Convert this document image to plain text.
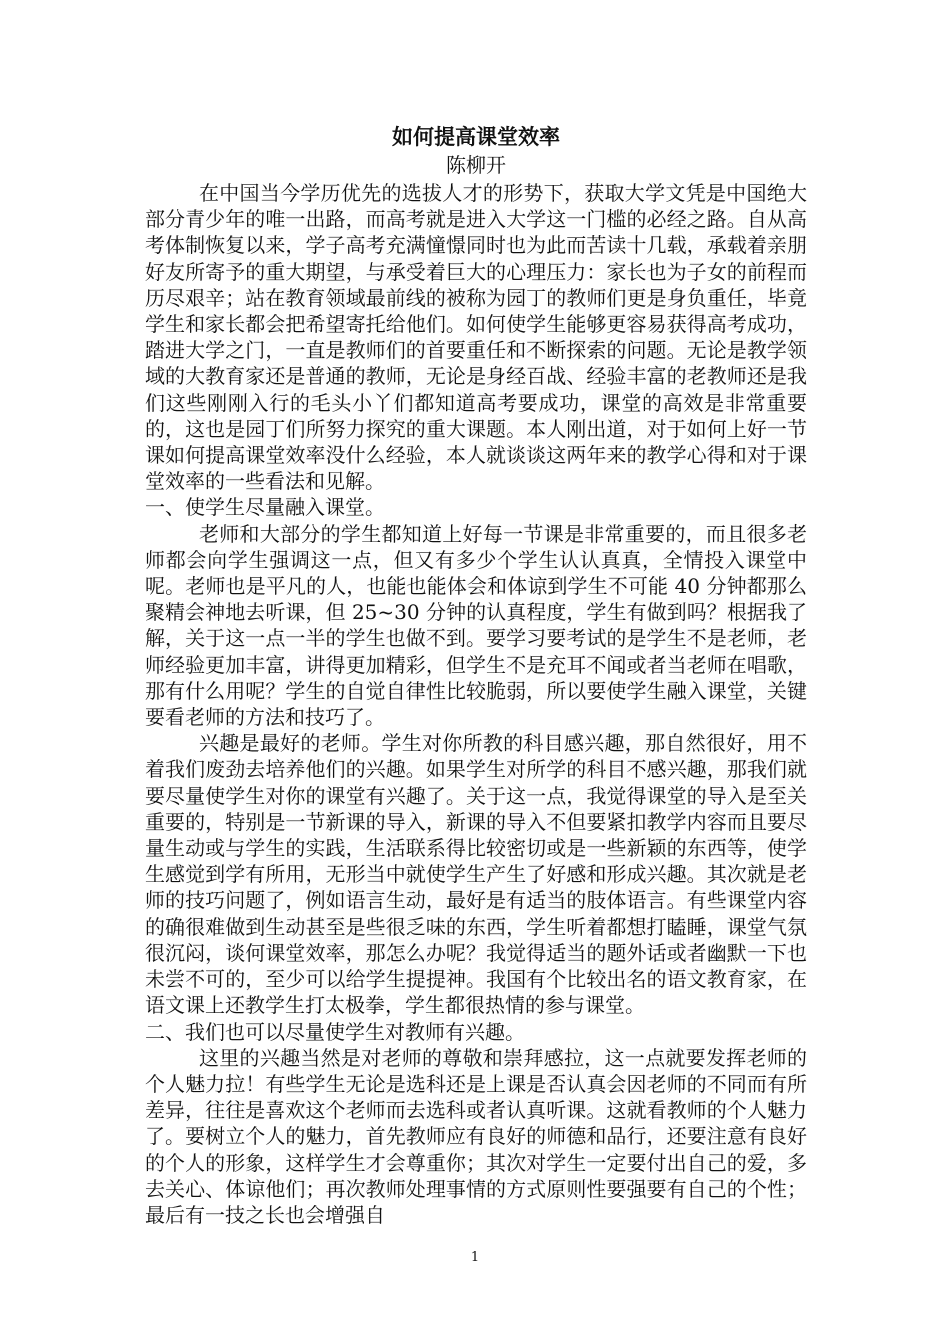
如何提高课堂效率

陈柳开

在中国当今学历优先的选拔人才的形势下，获取大学文凭是中国绝大部分青少年的唯一出路，而高考就是进入大学这一门槛的必经之路。自从高考体制恢复以来，学子高考充满憧憬同时也为此而苦读十几载，承载着亲朋好友所寄予的重大期望，与承受着巨大的心理压力：家长也为子女的前程而历尽艰辛；站在教育领域最前线的被称为园丁的教师们更是身负重任，毕竟学生和家长都会把希望寄托给他们。如何使学生能够更容易获得高考成功，踏进大学之门，一直是教师们的首要重任和不断探索的问题。无论是教学领域的大教育家还是普通的教师，无论是身经百战、经验丰富的老教师还是我们这些刚刚入行的毛头小丫们都知道高考要成功，课堂的高效是非常重要的，这也是园丁们所努力探究的重大课题。本人刚出道，对于如何上好一节课如何提高课堂效率没什么经验，本人就谈谈这两年来的教学心得和对于课堂效率的一些看法和见解。

一、使学生尽量融入课堂。

老师和大部分的学生都知道上好每一节课是非常重要的，而且很多老师都会向学生强调这一点，但又有多少个学生认认真真，全情投入课堂中呢。老师也是平凡的人，也能也能体会和体谅到学生不可能 40 分钟都那么聚精会神地去听课，但 25~30 分钟的认真程度，学生有做到吗？根据我了解，关于这一点一半的学生也做不到。要学习要考试的是学生不是老师，老师经验更加丰富，讲得更加精彩，但学生不是充耳不闻或者当老师在唱歌，那有什么用呢？学生的自觉自律性比较脆弱，所以要使学生融入课堂，关键要看老师的方法和技巧了。

兴趣是最好的老师。学生对你所教的科目感兴趣，那自然很好，用不着我们废劲去培养他们的兴趣。如果学生对所学的科目不感兴趣，那我们就要尽量使学生对你的课堂有兴趣了。关于这一点，我觉得课堂的导入是至关重要的，特别是一节新课的导入，新课的导入不但要紧扣教学内容而且要尽量生动或与学生的实践，生活联系得比较密切或是一些新颖的东西等，使学生感觉到学有所用，无形当中就使学生产生了好感和形成兴趣。其次就是老师的技巧问题了，例如语言生动，最好是有适当的肢体语言。有些课堂内容的确很难做到生动甚至是些很乏味的东西，学生听着都想打瞌睡，课堂气氛很沉闷，谈何课堂效率，那怎么办呢？我觉得适当的题外话或者幽默一下也未尝不可的，至少可以给学生提提神。我国有个比较出名的语文教育家，在语文课上还教学生打太极拳，学生都很热情的参与课堂。

二、我们也可以尽量使学生对教师有兴趣。

这里的兴趣当然是对老师的尊敬和崇拜感拉，这一点就要发挥老师的个人魅力拉！有些学生无论是选科还是上课是否认真会因老师的不同而有所差异，往往是喜欢这个老师而去选科或者认真听课。这就看教师的个人魅力了。要树立个人的魅力，首先教师应有良好的师德和品行，还要注意有良好的个人的形象，这样学生才会尊重你；其次对学生一定要付出自己的爱，多去关心、体谅他们；再次教师处理事情的方式原则性要强要有自己的个性；最后有一技之长也会增强自

1
